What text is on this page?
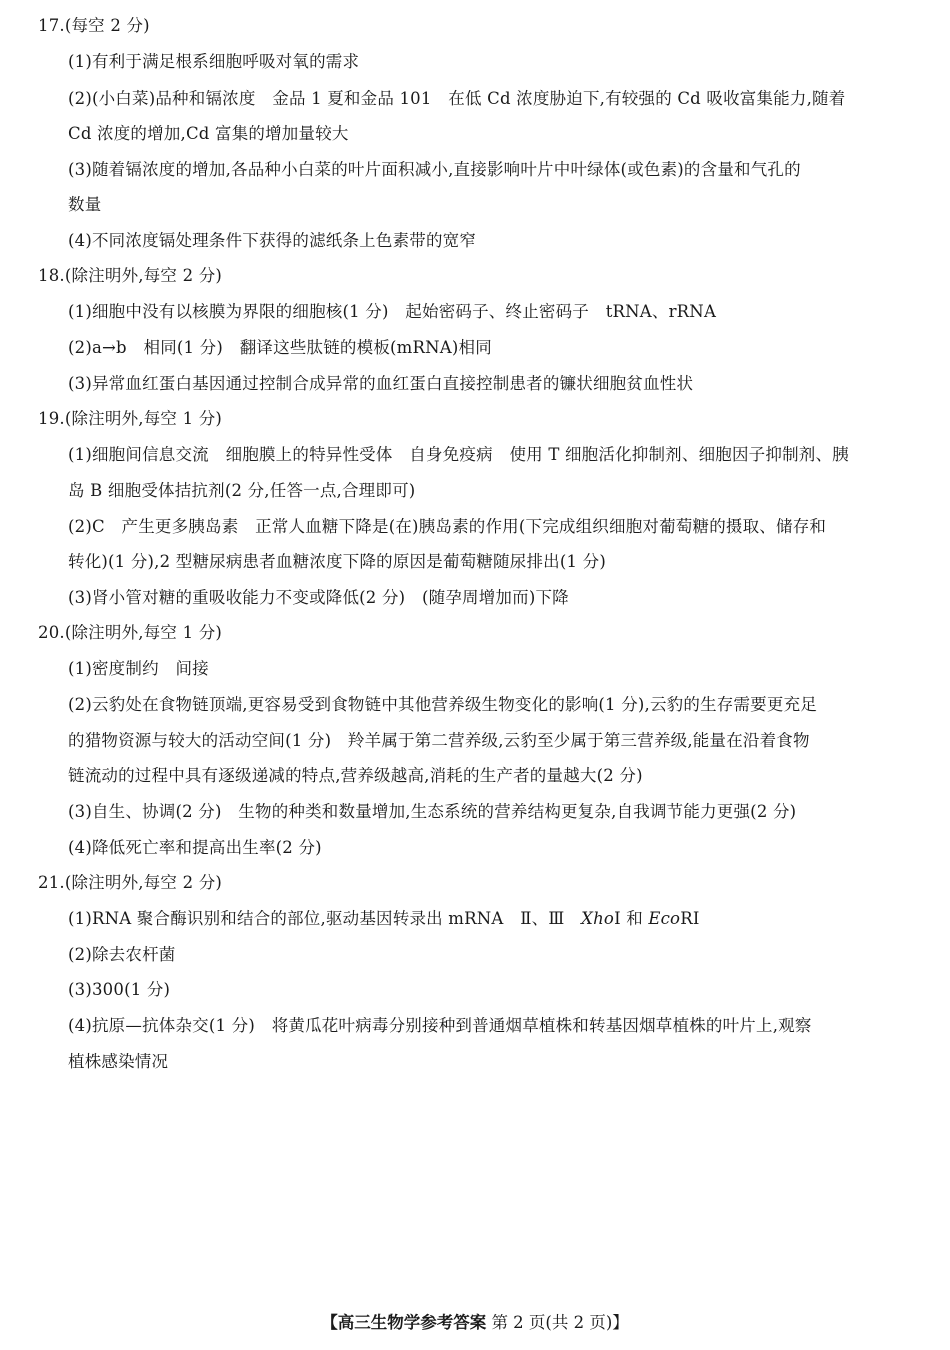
17.(每空 2 分)
(1)有利于满足根系细胞呼吸对氧的需求
(2)(小白菜)品种和镉浓度　金品 1 夏和金品 101　在低 Cd 浓度胁迫下,有较强的 Cd 吸收富集能力,随着
Cd 浓度的增加,Cd 富集的增加量较大
(3)随着镉浓度的增加,各品种小白菜的叶片面积减小,直接影响叶片中叶绿体(或色素)的含量和气孔的
数量
(4)不同浓度镉处理条件下获得的滤纸条上色素带的宽窄
18.(除注明外,每空 2 分)
(1)细胞中没有以核膜为界限的细胞核(1 分)　起始密码子、终止密码子　tRNA、rRNA
(2)a→b　相同(1 分)　翻译这些肽链的模板(mRNA)相同
(3)异常血红蛋白基因通过控制合成异常的血红蛋白直接控制患者的镰状细胞贫血性状
19.(除注明外,每空 1 分)
(1)细胞间信息交流　细胞膜上的特异性受体　自身免疫病　使用 T 细胞活化抑制剂、细胞因子抑制剂、胰
岛 B 细胞受体拮抗剂(2 分,任答一点,合理即可)
(2)C　产生更多胰岛素　正常人血糖下降是(在)胰岛素的作用(下完成组织细胞对葡萄糖的摄取、储存和
转化)(1 分),2 型糖尿病患者血糖浓度下降的原因是葡萄糖随尿排出(1 分)
(3)肾小管对糖的重吸收能力不变或降低(2 分)　(随孕周增加而)下降
20.(除注明外,每空 1 分)
(1)密度制约　间接
(2)云豹处在食物链顶端,更容易受到食物链中其他营养级生物变化的影响(1 分),云豹的生存需要更充足
的猎物资源与较大的活动空间(1 分)　羚羊属于第二营养级,云豹至少属于第三营养级,能量在沿着食物
链流动的过程中具有逐级递减的特点,营养级越高,消耗的生产者的量越大(2 分)
(3)自生、协调(2 分)　生物的种类和数量增加,生态系统的营养结构更复杂,自我调节能力更强(2 分)
(4)降低死亡率和提高出生率(2 分)
21.(除注明外,每空 2 分)
(1)RNA 聚合酶识别和结合的部位,驱动基因转录出 mRNA　Ⅱ、Ⅲ　XhoⅠ 和 EcoRⅠ
(2)除去农杆菌
(3)300(1 分)
(4)抗原—抗体杂交(1 分)　将黄瓜花叶病毒分别接种到普通烟草植株和转基因烟草植株的叶片上,观察
植株感染情况
【高三生物学参考答案 第 2 页(共 2 页)】
